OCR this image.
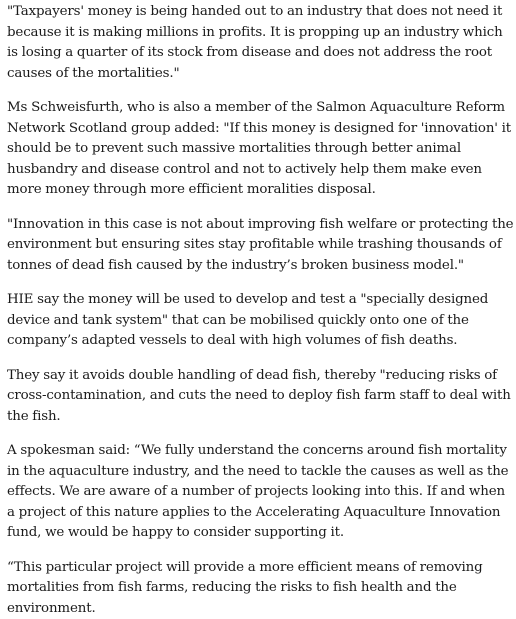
"Taxpayers' money is being handed out to an industry that does not need it because it is making millions in profits. It is propping up an industry which is losing a quarter of its stock from disease and does not address the root causes of the mortalities."

Ms Schweisfurth, who is also a member of the Salmon Aquaculture Reform Network Scotland group added: "If this money is designed for 'innovation' it should be to prevent such massive mortalities through better animal husbandry and disease control and not to actively help them make even more money through more efficient moralities disposal.

"Innovation in this case is not about improving fish welfare or protecting the environment but ensuring sites stay profitable while trashing thousands of tonnes of dead fish caused by the industry’s broken business model."

HIE say the money will be used to develop and test a "specially designed device and tank system" that can be mobilised quickly onto one of the company’s adapted vessels to deal with high volumes of fish deaths.

They say it avoids double handling of dead fish, thereby "reducing risks of cross-contamination, and cuts the need to deploy fish farm staff to deal with the fish.

A spokesman said: “We fully understand the concerns around fish mortality in the aquaculture industry, and the need to tackle the causes as well as the effects. We are aware of a number of projects looking into this. If and when a project of this nature applies to the Accelerating Aquaculture Innovation fund, we would be happy to consider supporting it.

“This particular project will provide a more efficient means of removing mortalities from fish farms, reducing the risks to fish health and the environment.
